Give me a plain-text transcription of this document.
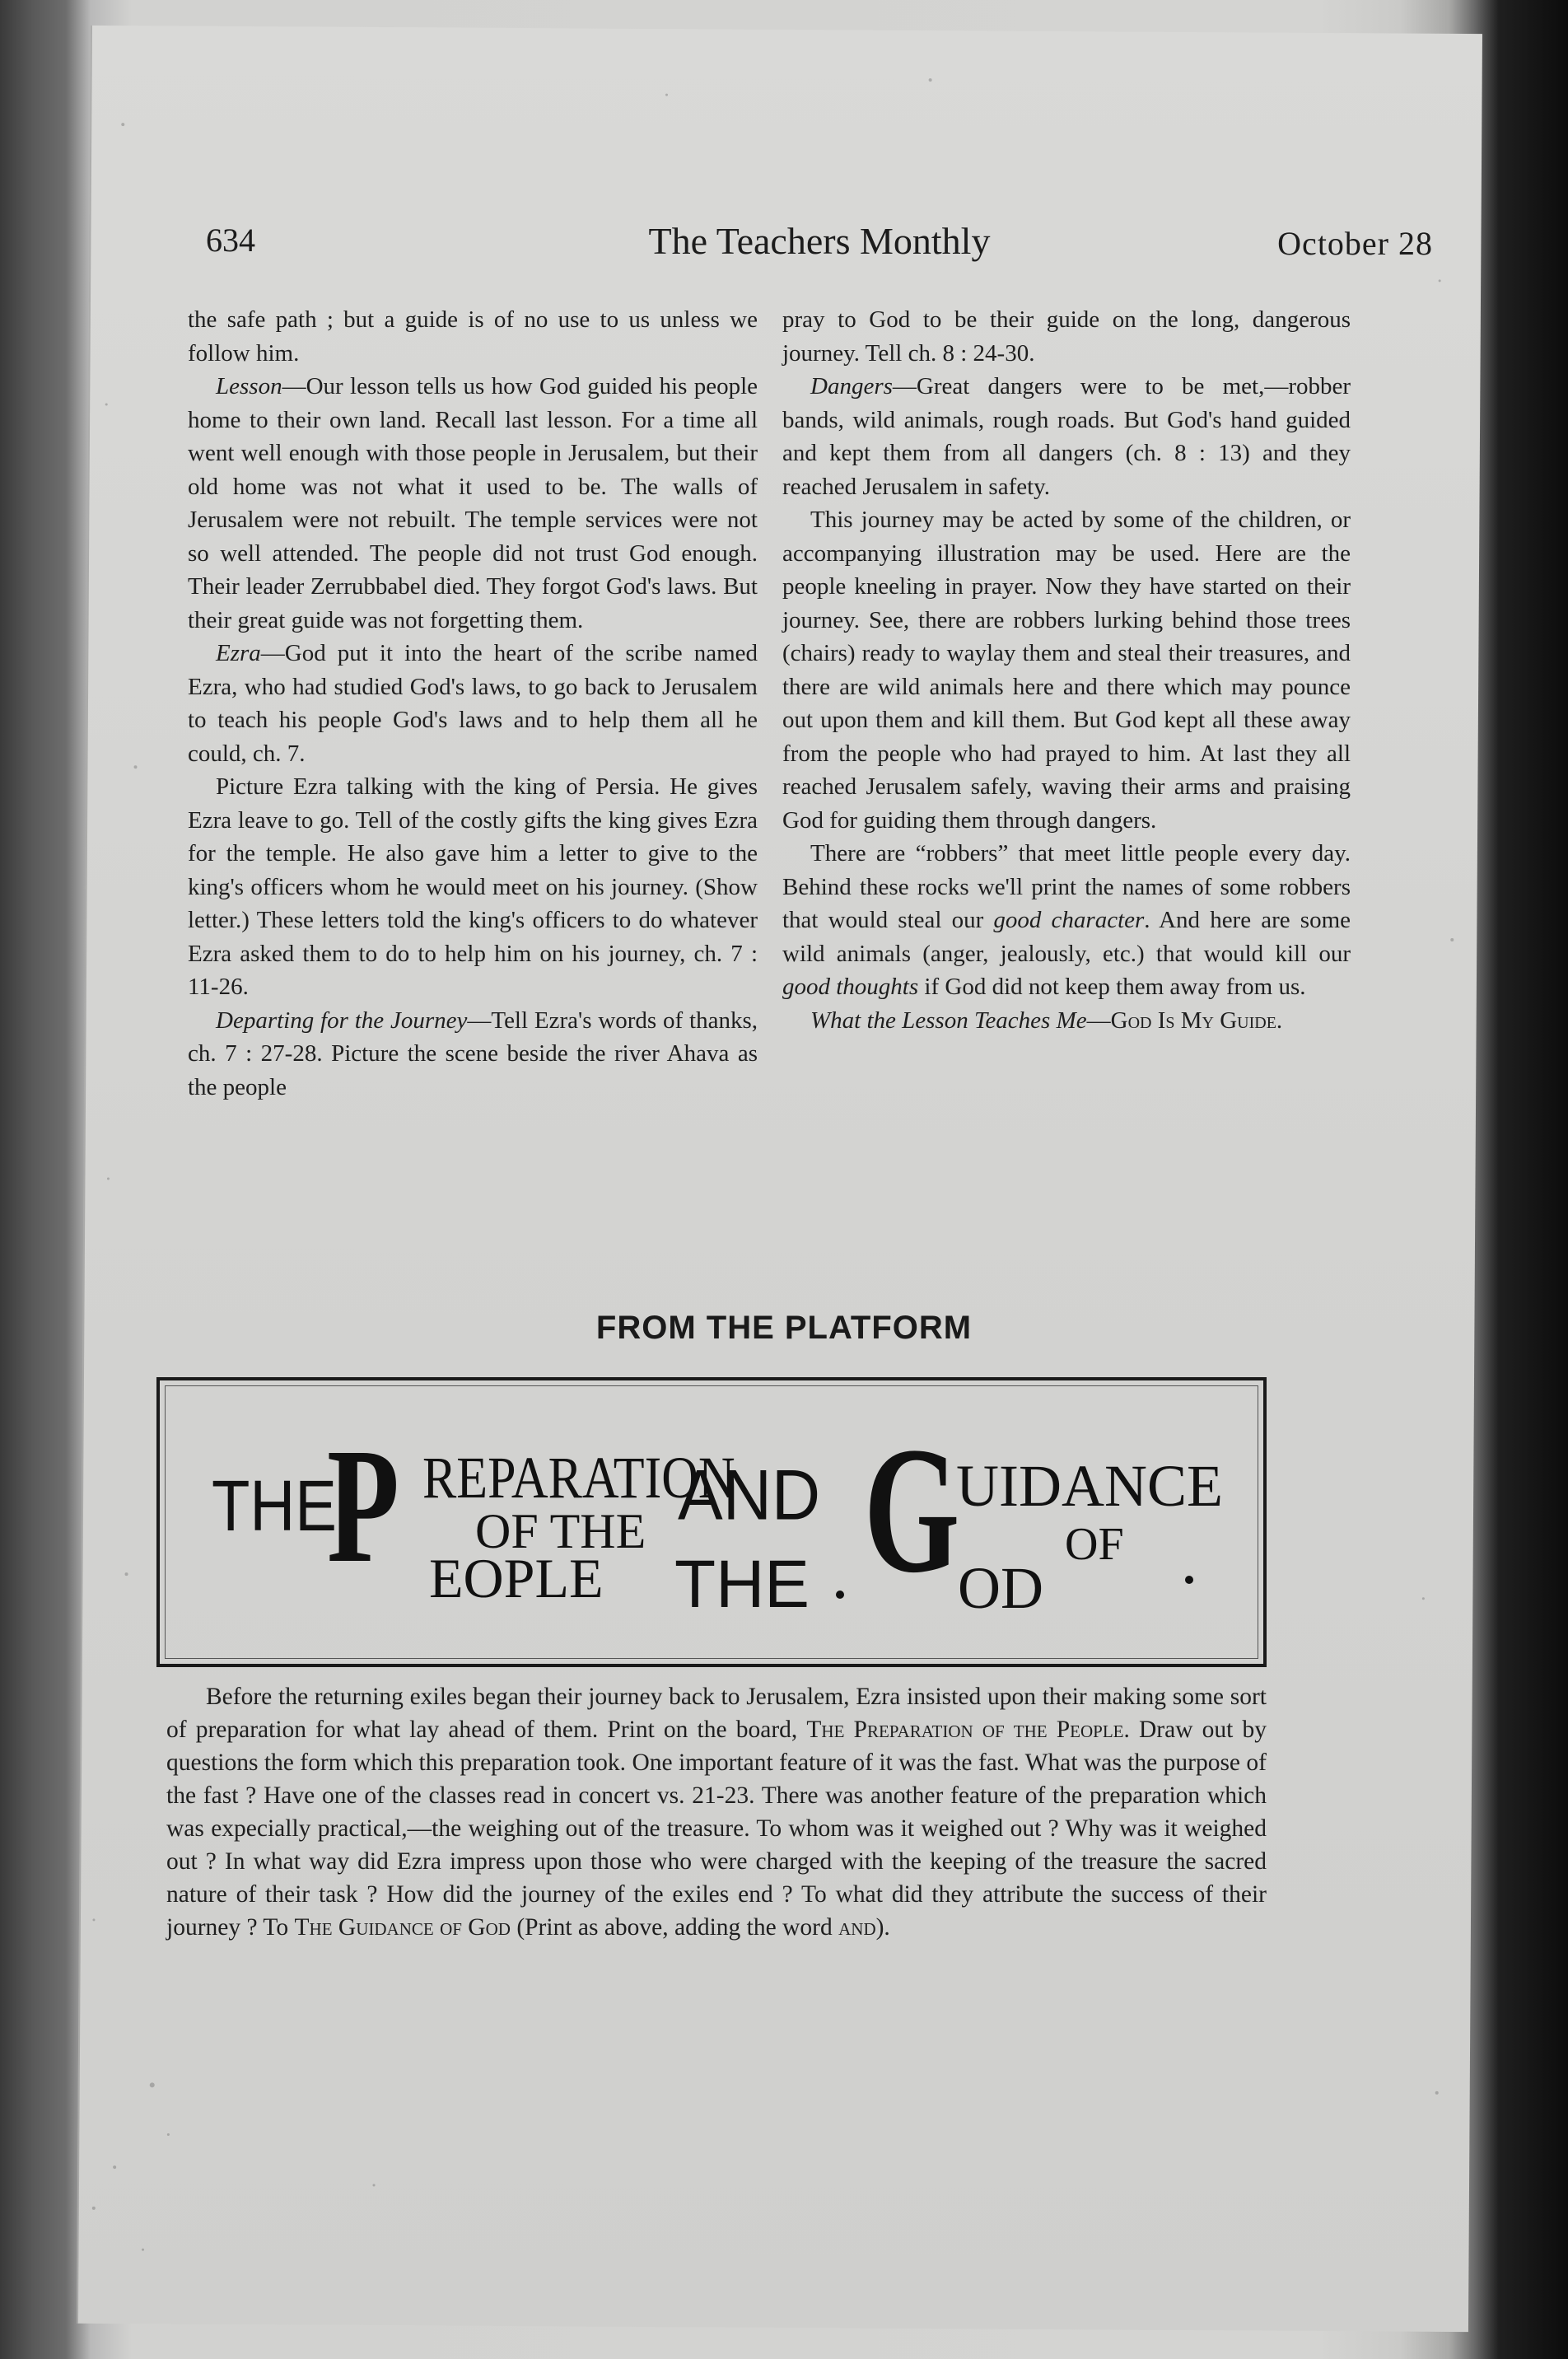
634	The Teachers Monthly	October 28

the safe path ; but a guide is of no use to us unless we follow him.

Lesson—Our lesson tells us how God guided his people home to their own land. Recall last lesson. For a time all went well enough with those people in Jerusalem, but their old home was not what it used to be. The walls of Jerusalem were not rebuilt. The temple services were not so well attended. The people did not trust God enough. Their leader Zerrubbabel died. They forgot God's laws. But their great guide was not forgetting them.

Ezra—God put it into the heart of the scribe named Ezra, who had studied God's laws, to go back to Jerusalem to teach his people God's laws and to help them all he could, ch. 7.

Picture Ezra talking with the king of Persia. He gives Ezra leave to go. Tell of the costly gifts the king gives Ezra for the temple. He also gave him a letter to give to the king's officers whom he would meet on his journey. (Show letter.) These letters told the king's officers to do whatever Ezra asked them to do to help him on his journey, ch. 7 : 11-26.

Departing for the Journey—Tell Ezra's words of thanks, ch. 7 : 27-28. Picture the scene beside the river Ahava as the people

pray to God to be their guide on the long, dangerous journey. Tell ch. 8 : 24-30.

Dangers—Great dangers were to be met,—robber bands, wild animals, rough roads. But God's hand guided and kept them from all dangers (ch. 8 : 13) and they reached Jerusalem in safety.

This journey may be acted by some of the children, or accompanying illustration may be used. Here are the people kneeling in prayer. Now they have started on their journey. See, there are robbers lurking behind those trees (chairs) ready to waylay them and steal their treasures, and there are wild animals here and there which may pounce out upon them and kill them. But God kept all these away from the people who had prayed to him. At last they all reached Jerusalem safely, waving their arms and praising God for guiding them through dangers.

There are “robbers” that meet little people every day. Behind these rocks we'll print the names of some robbers that would steal our good character. And here are some wild animals (anger, jealously, etc.) that would kill our good thoughts if God did not keep them away from us.

What the Lesson Teaches Me—God Is My Guide.

FROM THE PLATFORM
THE
P REPARATION
OF THE
EOPLE
AND
THE G
UIDANCE
OF
OD

Before the returning exiles began their journey back to Jerusalem, Ezra insisted upon their making some sort of preparation for what lay ahead of them. Print on the board, The Preparation of the People. Draw out by questions the form which this preparation took. One important feature of it was the fast. What was the purpose of the fast ? Have one of the classes read in concert vs. 21-23. There was another feature of the preparation which was expecially practical,—the weighing out of the treasure. To whom was it weighed out ? Why was it weighed out ? In what way did Ezra impress upon those who were charged with the keeping of the treasure the sacred nature of their task ? How did the journey of the exiles end ? To what did they attribute the success of their journey ? To The Guidance of God (Print as above, adding the word and).
